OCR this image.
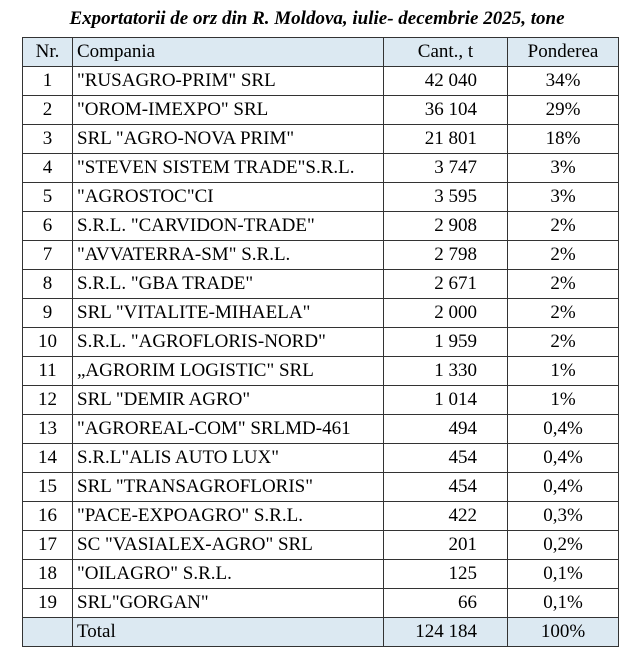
Exportatorii de orz din R. Moldova, iulie- decembrie 2025, tone
Nr.	Compania	Cant., t	Ponderea
1	"RUSAGRO-PRIM" SRL	42 040	34%
2	"OROM-IMEXPO" SRL	36 104	29%
3	SRL "AGRO-NOVA PRIM"	21 801	18%
4	"STEVEN SISTEM TRADE"S.R.L.	3 747	3%
5	"AGROSTOC"CI	3 595	3%
6	S.R.L. "CARVIDON-TRADE"	2 908	2%
7	"AVVATERRA-SM" S.R.L.	2 798	2%
8	S.R.L. "GBA TRADE"	2 671	2%
9	SRL "VITALITE-MIHAELA"	2 000	2%
10	S.R.L. "AGROFLORIS-NORD"	1 959	2%
11	„AGRORIM LOGISTIC" SRL	1 330	1%
12	SRL "DEMIR AGRO"	1 014	1%
13	"AGROREAL-COM" SRLMD-461	494	0,4%
14	S.R.L"ALIS AUTO LUX"	454	0,4%
15	SRL "TRANSAGROFLORIS"	454	0,4%
16	"PACE-EXPOAGRO" S.R.L.	422	0,3%
17	SC "VASIALEX-AGRO" SRL	201	0,2%
18	"OILAGRO" S.R.L.	125	0,1%
19	SRL"GORGAN"	66	0,1%
	Total	124 184	100%
